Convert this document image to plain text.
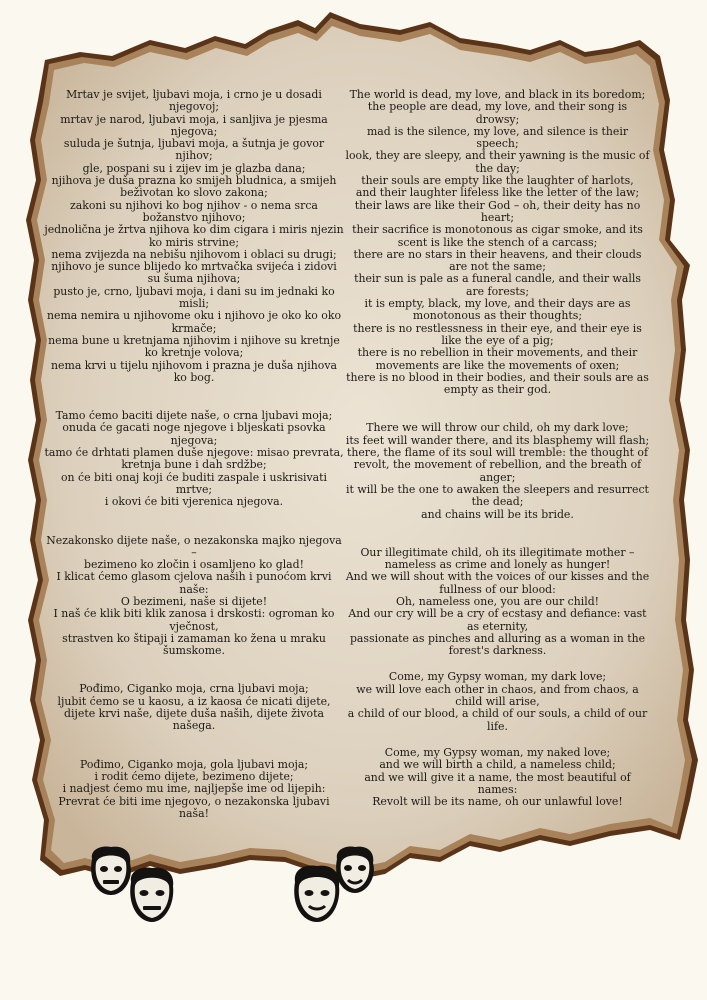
Mrtav je svijet, ljubavi moja, i crno je u dosadi njegovoj;
mrtav je narod, ljubavi moja, i sanljiva je pjesma njegova;
suluda je šutnja, ljubavi moja, a šutnja je govor njihov;
gle, pospani su i zijev im je glazba dana;
njihova je duša prazna ko smijeh bludnica, a smijeh beživotan ko slovo zakona;
zakoni su njihovi ko bog njihov - o nema srca božanstvo njihovo;
jednolična je žrtva njihova ko dim cigara i miris njezin ko miris strvine;
nema zvijezda na nebišu njihovom i oblaci su drugi;
njihovo je sunce blijedo ko mrtvačka svijeća i zidovi su šuma njihova;
pusto je, crno, ljubavi moja, i dani su im jednaki ko misli;
nema nemira u njihovome oku i njihovo je oko ko oko krmače;
nema bune u kretnjama njihovim i njihove su kretnje ko kretnje volova;
nema krvi u tijelu njihovom i prazna je duša njihova ko bog.
Tamo ćemo baciti dijete naše, o crna ljubavi moja;
onuda će gacati noge njegove i bljeskati psovka njegova;
tamo će drhtati plamen duše njegove: misao prevrata, kretnja bune i dah srdžbe;
on će biti onaj koji će buditi zaspale i uskrisivati mrtve;
i okovi će biti vjerenica njegova.
Nezakonsko dijete naše, o nezakonska majko njegova –
bezimeno ko zločin i osamljeno ko glad!
I klicat ćemo glasom cjelova naših i punoćom krvi naše:
O bezimeni, naše si dijete!
I naš će klik biti klik zanosa i drskosti: ogroman ko vječnost,
strastven ko štipaji i zamaman ko žena u mraku šumskome.
Pođimo, Ciganko moja, crna ljubavi moja;
ljubit ćemo se u kaosu, a iz kaosa će nicati dijete,
dijete krvi naše, dijete duša naših, dijete života našega.
Pođimo, Ciganko moja, gola ljubavi moja;
i rodit ćemo dijete, bezimeno dijete;
i nadjest ćemo mu ime, najljepše ime od lijepih:
Prevrat će biti ime njegovo, o nezakonska ljubavi naša!
The world is dead, my love, and black in its boredom;
the people are dead, my love, and their song is drowsy;
mad is the silence, my love, and silence is their speech;
look, they are sleepy, and their yawning is the music of the day;
their souls are empty like the laughter of harlots,
and their laughter lifeless like the letter of the law;
their laws are like their God – oh, their deity has no heart;
their sacrifice is monotonous as cigar smoke, and its scent is like the stench of a carcass;
there are no stars in their heavens, and their clouds are not the same;
their sun is pale as a funeral candle, and their walls are forests;
it is empty, black, my love, and their days are as monotonous as their thoughts;
there is no restlessness in their eye, and their eye is like the eye of a pig;
there is no rebellion in their movements, and their movements are like the movements of oxen;
there is no blood in their bodies, and their souls are as empty as their god.
There we will throw our child, oh my dark love;
its feet will wander there, and its blasphemy will flash;
there, the flame of its soul will tremble: the thought of revolt, the movement of rebellion, and the breath of anger;
it will be the one to awaken the sleepers and resurrect the dead;
and chains will be its bride.
Our illegitimate child, oh its illegitimate mother – nameless as crime and lonely as hunger!
And we will shout with the voices of our kisses and the fullness of our blood:
Oh, nameless one, you are our child!
And our cry will be a cry of ecstasy and defiance: vast as eternity,
passionate as pinches and alluring as a woman in the forest's darkness.
Come, my Gypsy woman, my dark love;
we will love each other in chaos, and from chaos, a child will arise,
a child of our blood, a child of our souls, a child of our life.
Come, my Gypsy woman, my naked love;
and we will birth a child, a nameless child;
and we will give it a name, the most beautiful of names:
Revolt will be its name, oh our unlawful love!
